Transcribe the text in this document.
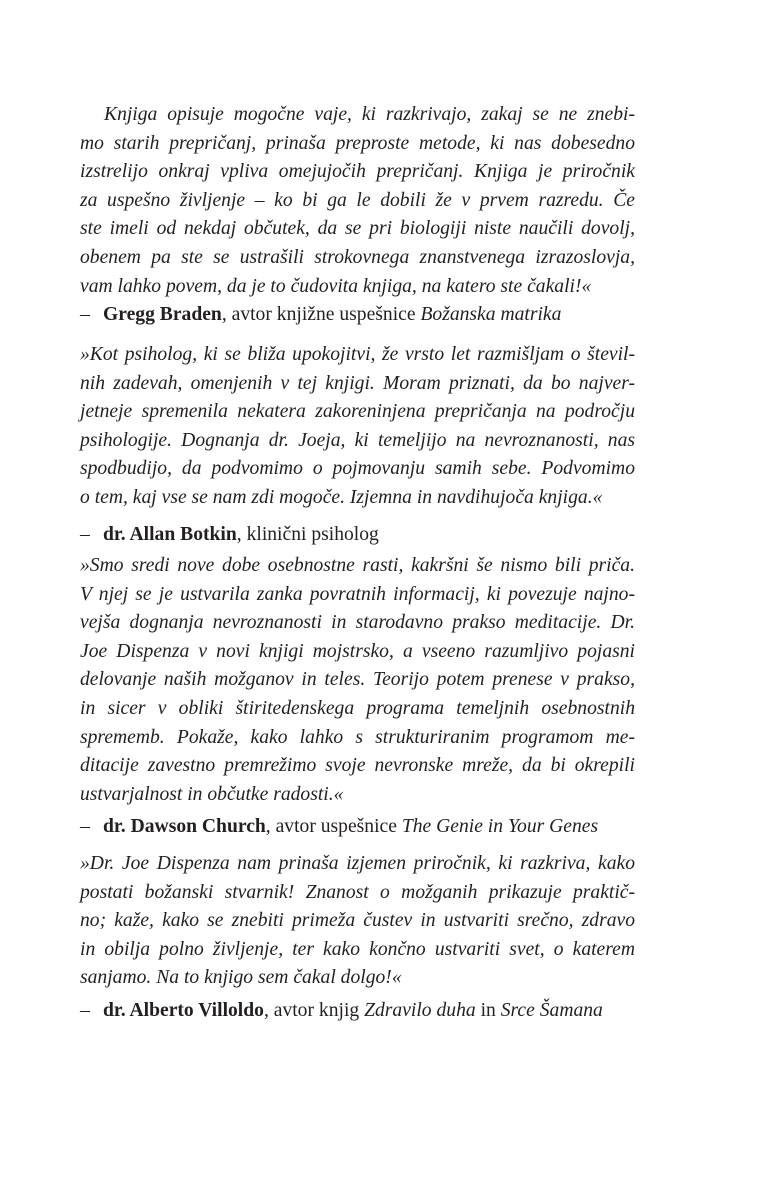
Knjiga opisuje mogočne vaje, ki razkrivajo, zakaj se ne znebi-
mo starih prepričanj, prinaša preproste metode, ki nas dobesedno
izstrelijo onkraj vpliva omejujočih prepričanj. Knjiga je priročnik
za uspešno življenje – ko bi ga le dobili že v prvem razredu. Če
ste imeli od nekdaj občutek, da se pri biologiji niste naučili dovolj,
obenem pa ste se ustrašili strokovnega znanstvenega izrazoslovja,
vam lahko povem, da je to čudovita knjiga, na katero ste čakali!«

– Gregg Braden, avtor knjižne uspešnice Božanska matrika

»Kot psiholog, ki se bliža upokojitvi, že vrsto let razmišljam o števil-
nih zadevah, omenjenih v tej knjigi. Moram priznati, da bo najver-
jetneje spremenila nekatera zakoreninjena prepričanja na področju
psihologije. Dognanja dr. Joeja, ki temeljijo na nevroznanosti, nas
spodbudijo, da podvomimo o pojmovanju samih sebe. Podvomimo
o tem, kaj vse se nam zdi mogoče. Izjemna in navdihujoča knjiga.«

– dr. Allan Botkin, klinični psiholog

»Smo sredi nove dobe osebnostne rasti, kakršni še nismo bili priča.
V njej se je ustvarila zanka povratnih informacij, ki povezuje najno-
vejša dognanja nevroznanosti in starodavno prakso meditacije. Dr.
Joe Dispenza v novi knjigi mojstrsko, a vseeno razumljivo pojasni
delovanje naših možganov in teles. Teorijo potem prenese v prakso,
in sicer v obliki štiritedenskega programa temeljnih osebnostnih
sprememb. Pokaže, kako lahko s strukturiranim programom me-
ditacije zavestno premrežimo svoje nevronske mreže, da bi okrepili
ustvarjalnost in občutke radosti.«

– dr. Dawson Church, avtor uspešnice The Genie in Your Genes

»Dr. Joe Dispenza nam prinaša izjemen priročnik, ki razkriva, kako
postati božanski stvarnik! Znanost o možganih prikazuje praktič-
no; kaže, kako se znebiti primeža čustev in ustvariti srečno, zdravo
in obilja polno življenje, ter kako končno ustvariti svet, o katerem
sanjamo. Na to knjigo sem čakal dolgo!«

– dr. Alberto Villoldo, avtor knjig Zdravilo duha in Srce Šamana
